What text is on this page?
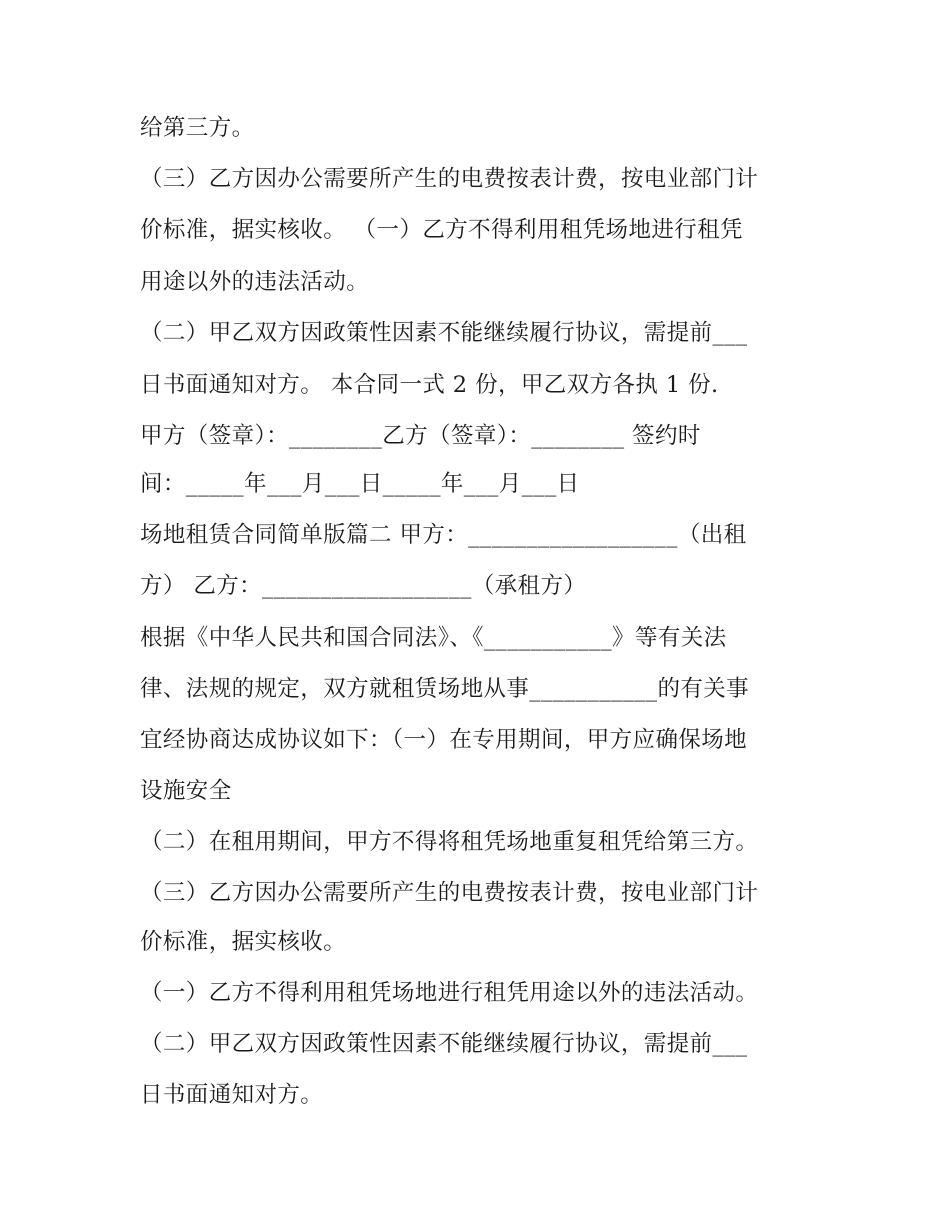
给第三方。
（三）乙方因办公需要所产生的电费按表计费，按电业部门计
价标准，据实核收。 （一）乙方不得利用租凭场地进行租凭
用途以外的违法活动。
（二）甲乙双方因政策性因素不能继续履行协议，需提前___
日书面通知对方。 本合同一式 2 份，甲乙双方各执 1 份.
甲方（签章）：________乙方（签章）：________ 签约时
间：_____年___月___日_____年___月___日
场地租赁合同简单版篇二 甲方：__________________（出租
方） 乙方：__________________（承租方）
根据《中华人民共和国合同法》、《___________》等有关法
律、法规的规定，双方就租赁场地从事___________的有关事
宜经协商达成协议如下：（一）在专用期间，甲方应确保场地
设施安全
（二）在租用期间，甲方不得将租凭场地重复租凭给第三方。
（三）乙方因办公需要所产生的电费按表计费，按电业部门计
价标准，据实核收。
（一）乙方不得利用租凭场地进行租凭用途以外的违法活动。
（二）甲乙双方因政策性因素不能继续履行协议，需提前___
日书面通知对方。
